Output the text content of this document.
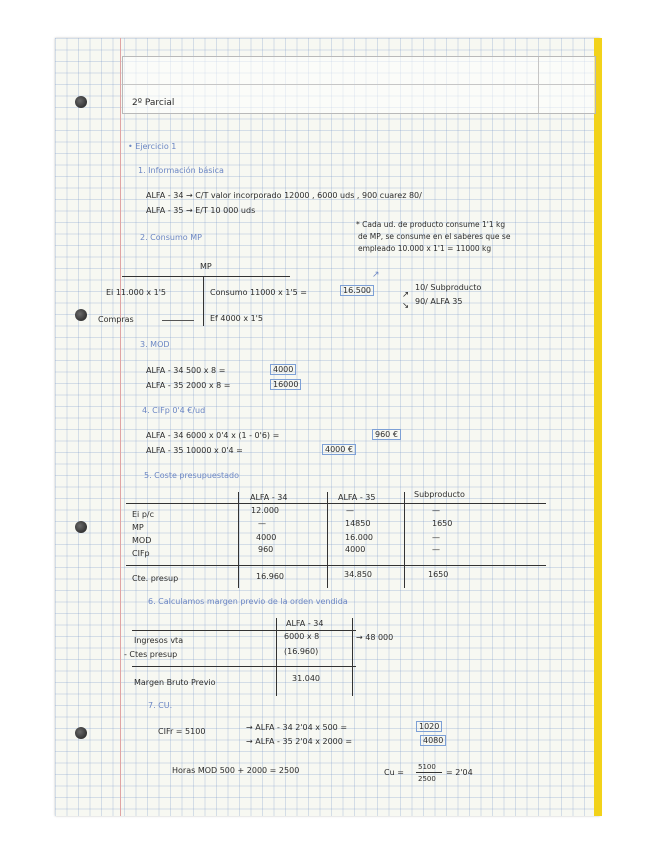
2º Parcial
• Ejercicio 1
1. Información básica
ALFA - 34 → C/T valor incorporado 12000 , 6000 uds , 900 cuarez 80/
ALFA - 35 → E/T 10 000 uds
2. Consumo MP
* Cada ud. de producto consume 1'1 kg
de MP, se consume en el saberes que se
empleado 10.000 x 1'1 = 11000 kg
MP
Ei 11.000 x 1'5	Consumo 11000 x 1'5 =	16.500
↗
↗
10/ Subproducto
↘ 90/ ALFA 35
Compras	Ef 4000 x 1'5
3. MOD
ALFA - 34 500 x 8 =	4000
ALFA - 35 2000 x 8 =	16000
4. CIFp 0'4 €/ud
ALFA - 34 6000 x 0'4 x (1 - 0'6) =	960 €
ALFA - 35 10000 x 0'4 =	4000 €
5. Coste presupuestado
ALFA - 34	ALFA - 35	Subproducto
Ei p/c	12.000	—	—
MP	—	14850	1650
MOD	4000	16.000	—
CIFp	960	4000	—
Cte. presup	16.960	34.850	1650
6. Calculamos margen previo de la orden vendida
ALFA - 34
Ingresos vta	6000 x 8	→ 48 000
- Ctes presup	(16.960)
Margen Bruto Previo	31.040
7. CU.
CIFr = 5100	→ ALFA - 34 2'04 x 500 =	1020
→ ALFA - 35 2'04 x 2000 =	4080
Horas MOD 500 + 2000 = 2500	Cu =
5100
2500
= 2'04
